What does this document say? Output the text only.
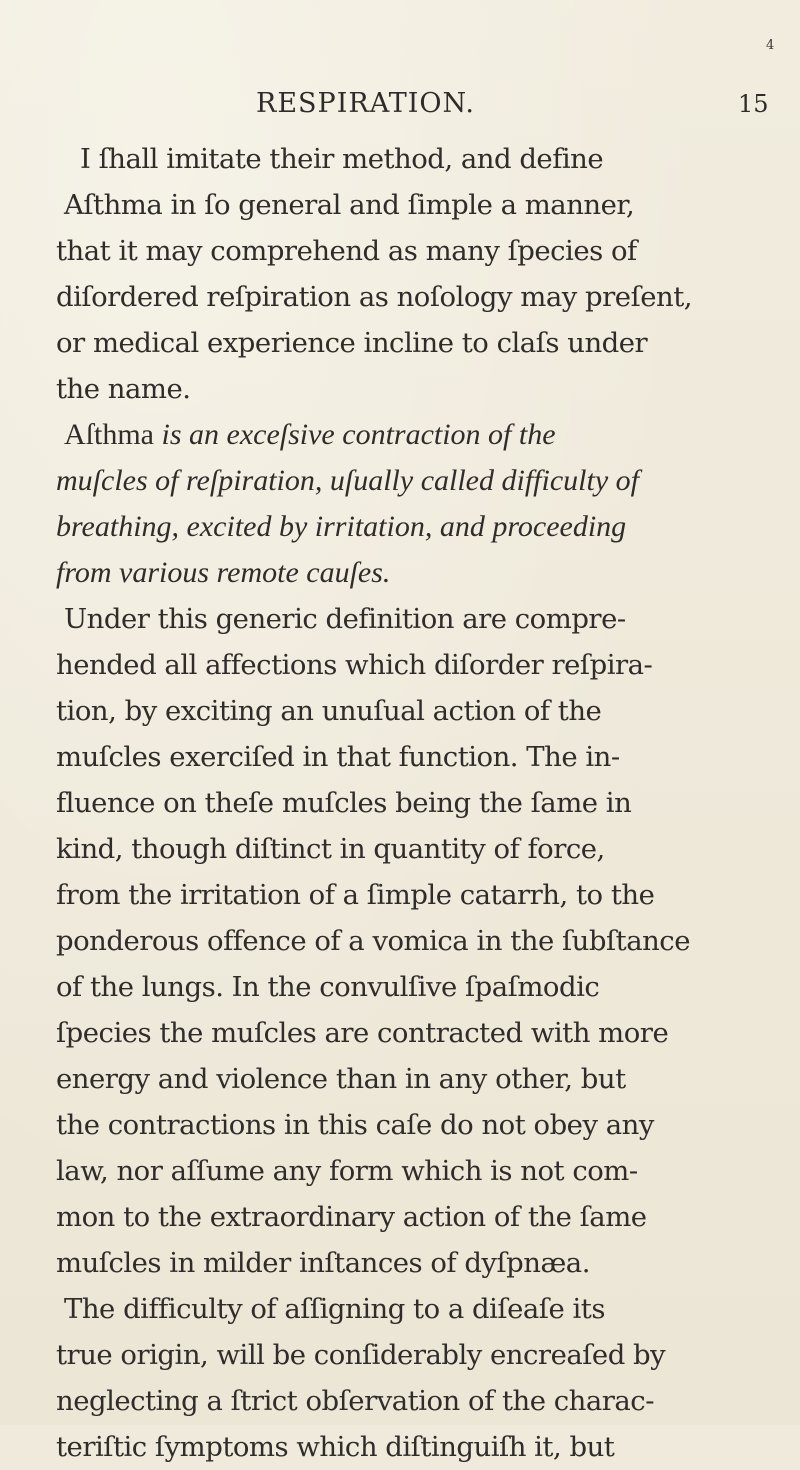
RESPIRATION.	15
4
I ſhall imitate their method, and define
Aſthma in ſo general and ſimple a manner,
that it may comprehend as many ſpecies of
diſordered reſpiration as noſology may preſent,
or medical experience incline to claſs under
the name.
Aſthma is an exceſsive contraction of the
muſcles of reſpiration, uſually called difficulty of
breathing, excited by irritation, and proceeding
from various remote cauſes.
Under this generic definition are compre-
hended all affections which diſorder reſpira-
tion, by exciting an unuſual action of the
muſcles exerciſed in that function. The in-
fluence on theſe muſcles being the ſame in
kind, though diſtinct in quantity of force,
from the irritation of a ſimple catarrh, to the
ponderous offence of a vomica in the ſubſtance
of the lungs. In the convulſive ſpaſmodic
ſpecies the muſcles are contracted with more
energy and violence than in any other, but
the contractions in this caſe do not obey any
law, nor aſſume any form which is not com-
mon to the extraordinary action of the ſame
muſcles in milder inſtances of dyſpnæa.
The difficulty of aſſigning to a diſeaſe its
true origin, will be conſiderably encreaſed by
neglecting a ſtrict obſervation of the charac-
teriſtic ſymptoms which diſtinguiſh it, but
